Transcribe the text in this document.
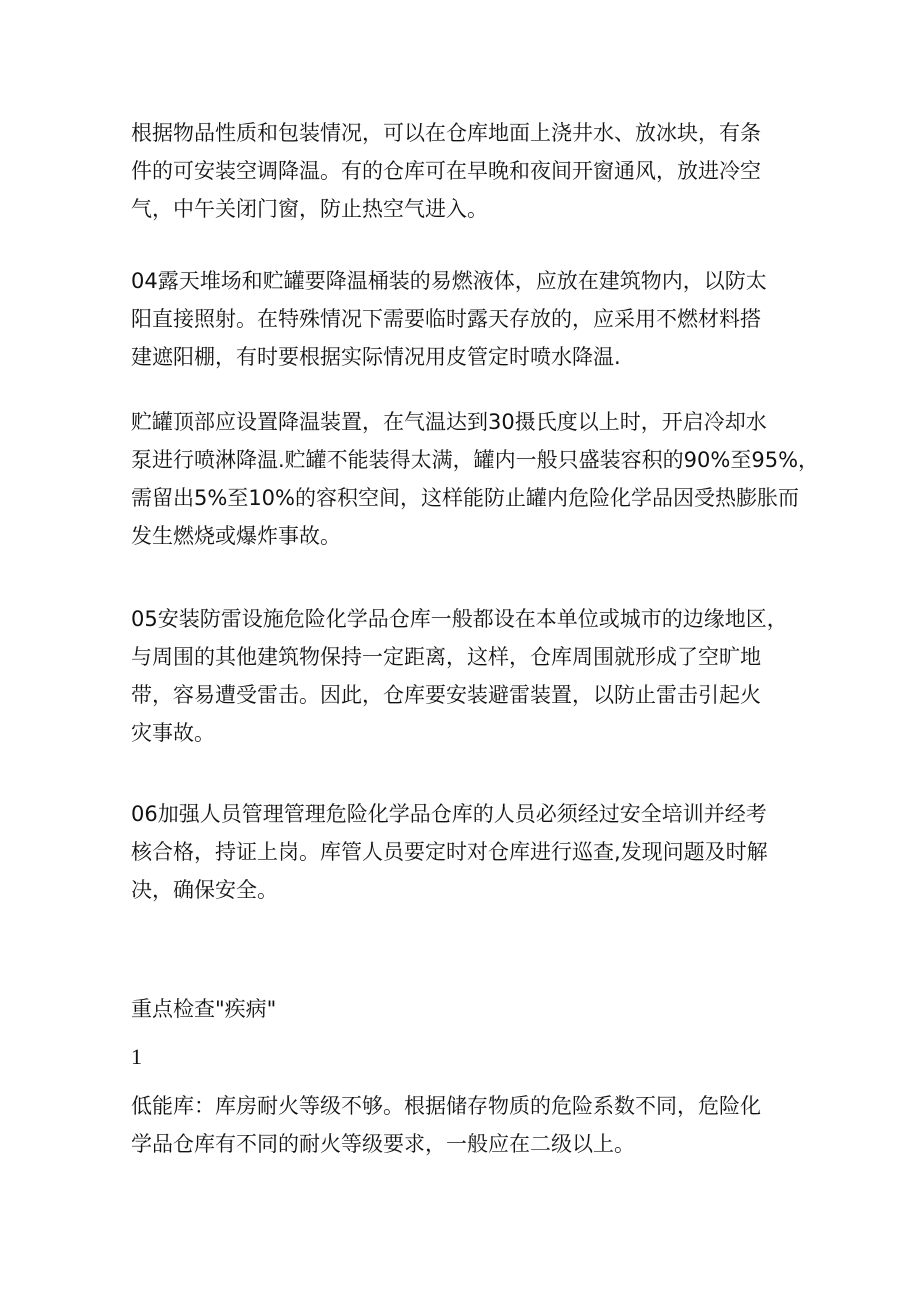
根据物品性质和包装情况，可以在仓库地面上浇井水、放冰块，有条
件的可安装空调降温。有的仓库可在早晚和夜间开窗通风，放进冷空
气，中午关闭门窗，防止热空气进入。
04露天堆场和贮罐要降温桶装的易燃液体，应放在建筑物内，以防太
阳直接照射。在特殊情况下需要临时露天存放的，应采用不燃材料搭
建遮阳棚，有时要根据实际情况用皮管定时喷水降温.
贮罐顶部应设置降温装置，在气温达到30摄氏度以上时，开启冷却水
泵进行喷淋降温.贮罐不能装得太满，罐内一般只盛装容积的90%至95%，
需留出5%至10%的容积空间，这样能防止罐内危险化学品因受热膨胀而
发生燃烧或爆炸事故。
05安装防雷设施危险化学品仓库一般都设在本单位或城市的边缘地区，
与周围的其他建筑物保持一定距离，这样，仓库周围就形成了空旷地
带，容易遭受雷击。因此，仓库要安装避雷装置，以防止雷击引起火
灾事故。
06加强人员管理管理危险化学品仓库的人员必须经过安全培训并经考
核合格，持证上岗。库管人员要定时对仓库进行巡查,发现问题及时解
决，确保安全。
重点检查"疾病"
1
低能库：库房耐火等级不够。根据储存物质的危险系数不同，危险化
学品仓库有不同的耐火等级要求，一般应在二级以上。
